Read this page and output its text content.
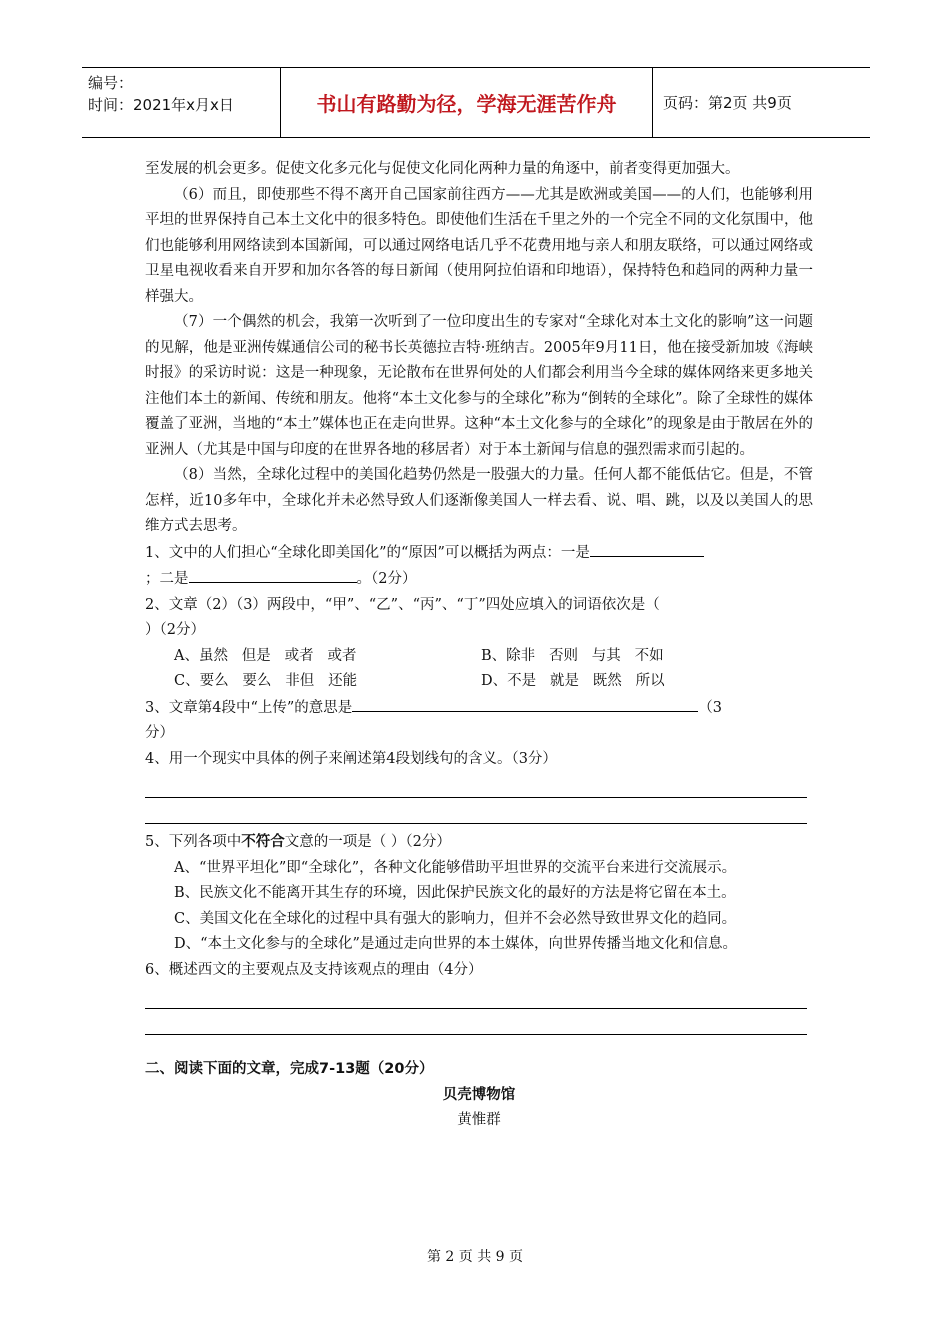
编号：
时间：2021年x月x日	书山有路勤为径，学海无涯苦作舟	页码：第2页 共9页

至发展的机会更多。促使文化多元化与促使文化同化两种力量的角逐中，前者变得更加强大。

（6）而且，即使那些不得不离开自己国家前往西方——尤其是欧洲或美国——的人们，也能够利用平坦的世界保持自己本土文化中的很多特色。即使他们生活在千里之外的一个完全不同的文化氛围中，他们也能够利用网络读到本国新闻，可以通过网络电话几乎不花费用地与亲人和朋友联络，可以通过网络或卫星电视收看来自开罗和加尔各答的每日新闻（使用阿拉伯语和印地语），保持特色和趋同的两种力量一样强大。

（7）一个偶然的机会，我第一次听到了一位印度出生的专家对“全球化对本土文化的影响”这一问题的见解，他是亚洲传媒通信公司的秘书长英德拉吉特·班纳吉。2005年9月11日，他在接受新加坡《海峡时报》的采访时说：这是一种现象，无论散布在世界何处的人们都会利用当今全球的媒体网络来更多地关注他们本土的新闻、传统和朋友。他将“本土文化参与的全球化”称为“倒转的全球化”。除了全球性的媒体覆盖了亚洲，当地的“本土”媒体也正在走向世界。这种“本土文化参与的全球化”的现象是由于散居在外的亚洲人（尤其是中国与印度的在世界各地的移居者）对于本土新闻与信息的强烈需求而引起的。

（8）当然，全球化过程中的美国化趋势仍然是一股强大的力量。任何人都不能低估它。但是，不管怎样，近10多年中，全球化并未必然导致人们逐渐像美国人一样去看、说、唱、跳，以及以美国人的思维方式去思考。

1、文中的人们担心“全球化即美国化”的“原因”可以概括为两点：一是
；二是	。（2分）
2、文章（2）（3）两段中，“甲”、“乙”、“丙”、“丁”四处应填入的词语依次是（
）（2分）
A、虽然   但是   或者   或者	B、除非   否则   与其   不如
C、要么   要么   非但   还能	D、不是   就是   既然   所以
3、文章第4段中“上传”的意思是	（3
分）
4、用一个现实中具体的例子来阐述第4段划线句的含义。（3分）
5、下列各项中不符合文意的一项是（ ）（2分）

A、“世界平坦化”即“全球化”，各种文化能够借助平坦世界的交流平台来进行交流展示。

B、民族文化不能离开其生存的环境，因此保护民族文化的最好的方法是将它留在本土。

C、美国文化在全球化的过程中具有强大的影响力，但并不会必然导致世界文化的趋同。

D、“本土文化参与的全球化”是通过走向世界的本土媒体，向世界传播当地文化和信息。

6、概述西文的主要观点及支持该观点的理由（4分）

二、阅读下面的文章，完成7-13题（20分）

贝壳博物馆

黄惟群

第 2 页 共 9 页
